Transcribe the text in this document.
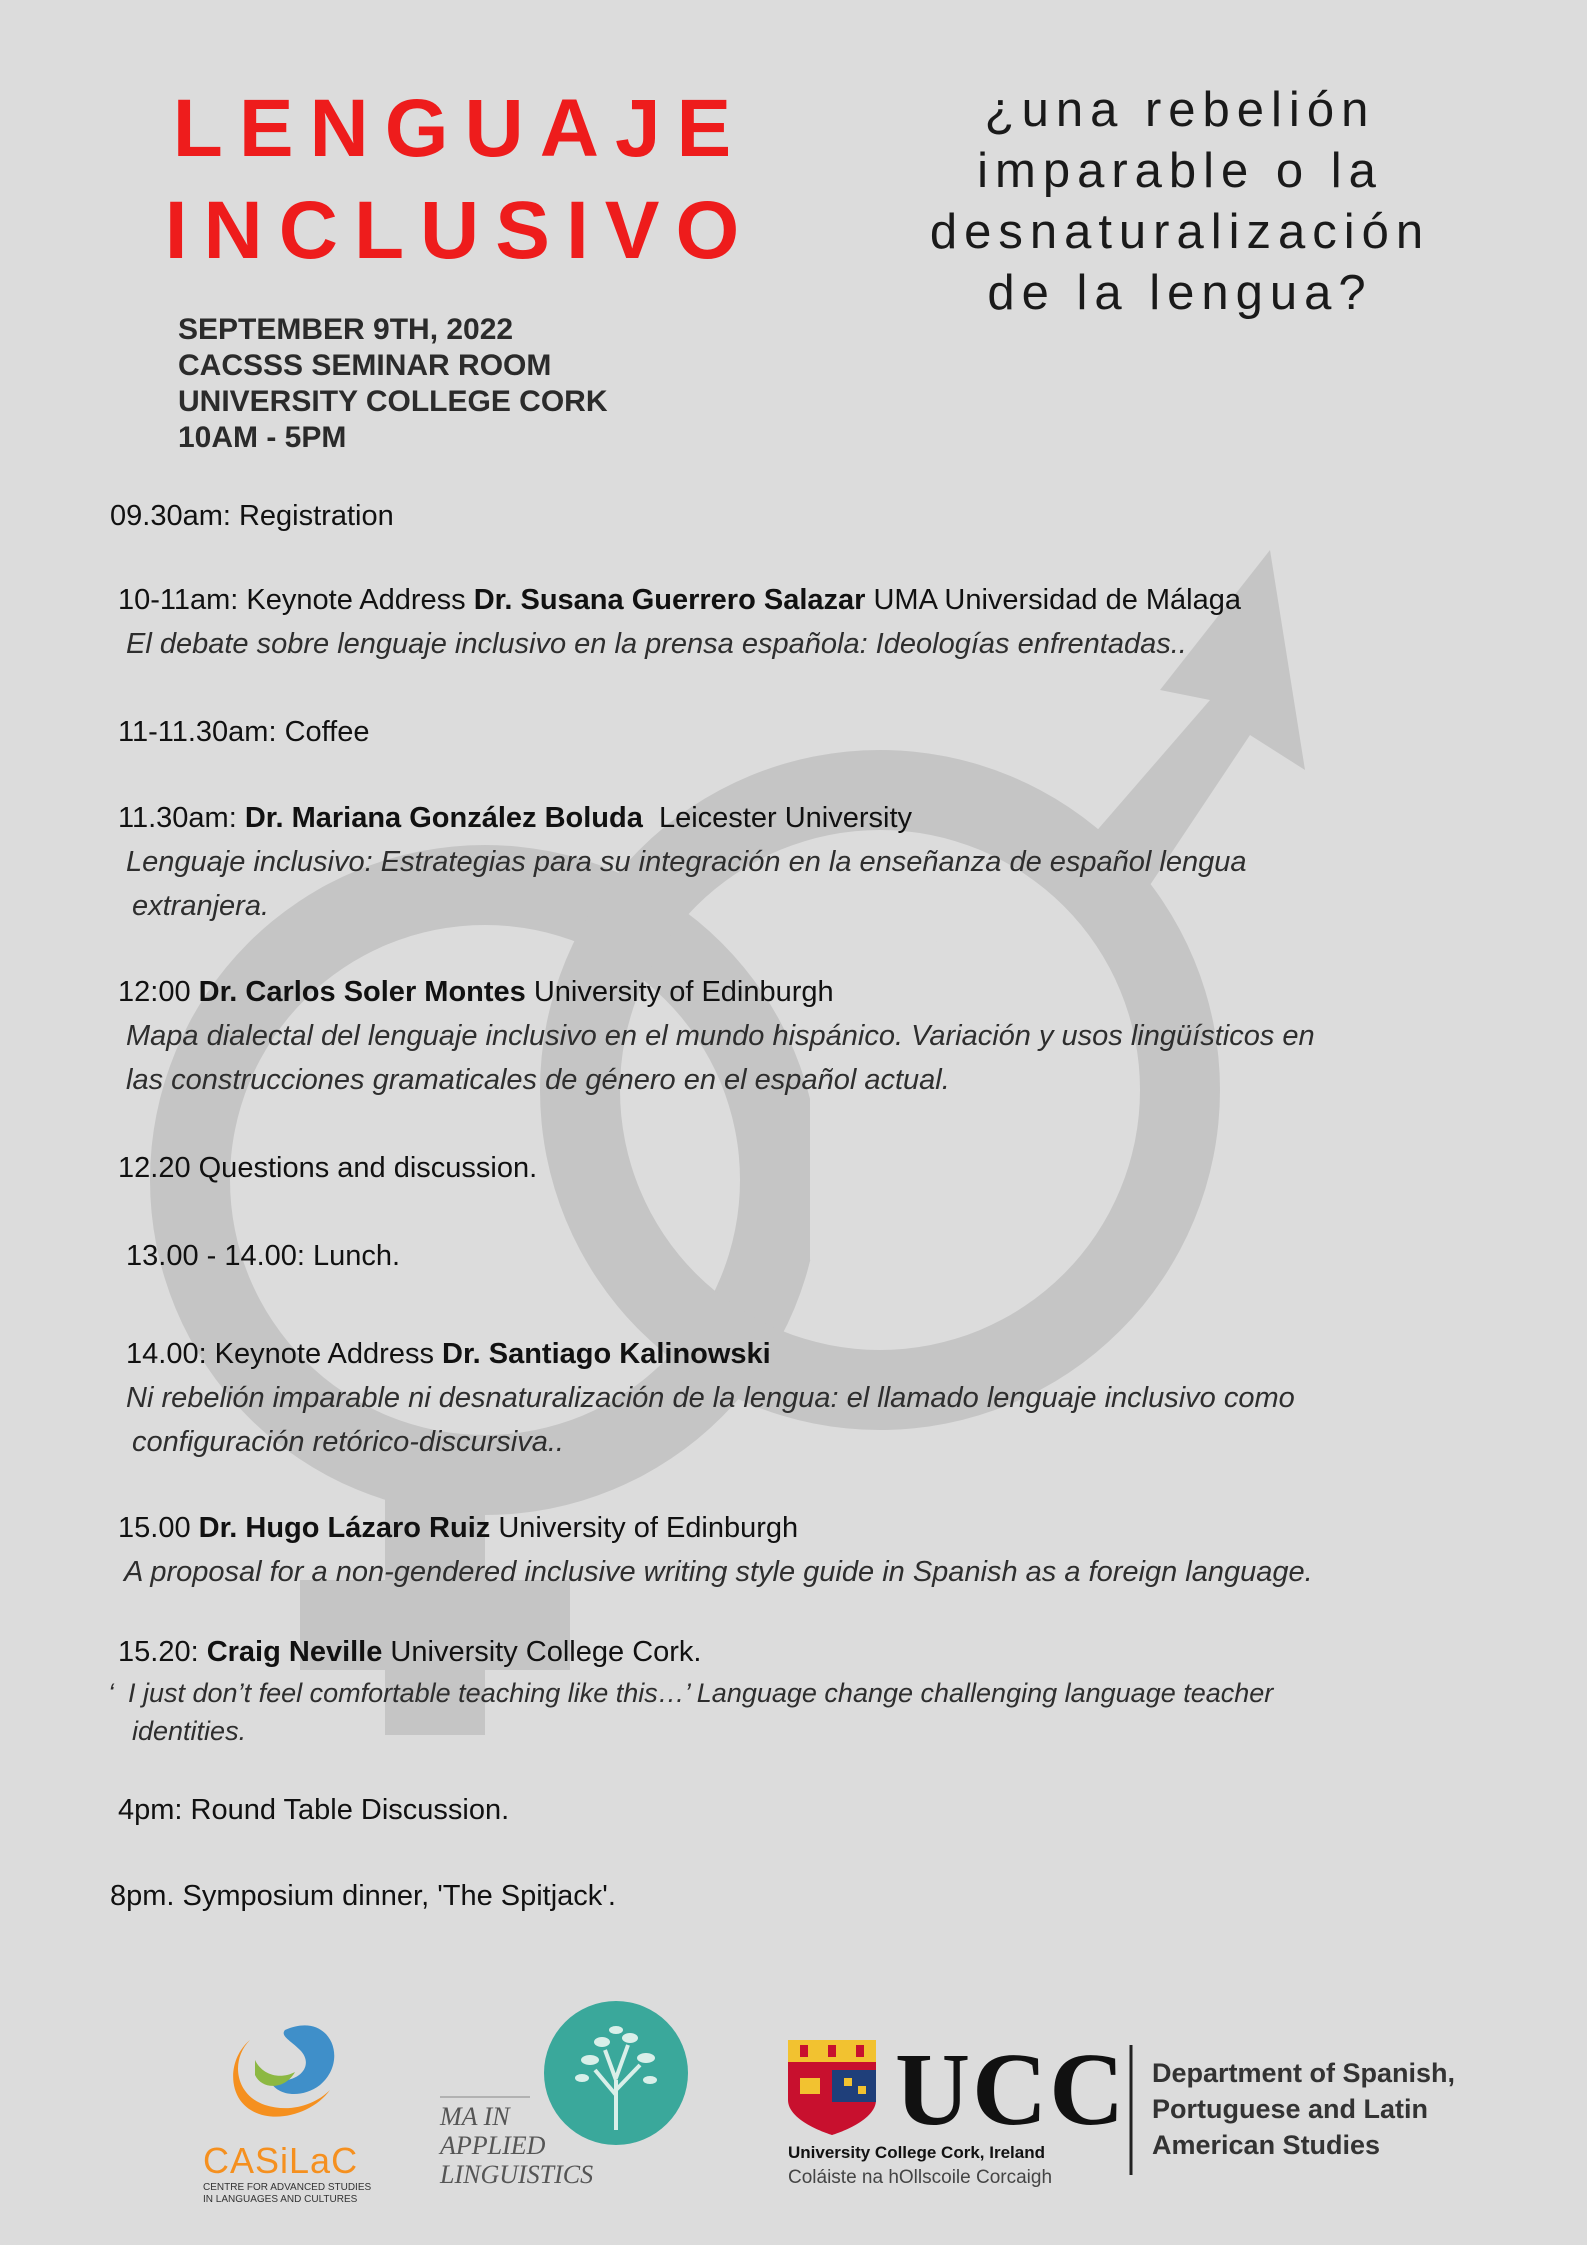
LENGUAJE
INCLUSIVO
¿una rebelión
imparable o la
desnaturalización
de la lengua?
SEPTEMBER 9TH, 2022
CACSSS SEMINAR ROOM
UNIVERSITY COLLEGE CORK
10AM - 5PM
09.30am: Registration
10-11am: Keynote Address Dr. Susana Guerrero Salazar UMA Universidad de Málaga
El debate sobre lenguaje inclusivo en la prensa española: Ideologías enfrentadas..
11-11.30am: Coffee
11.30am: Dr. Mariana González Boluda  Leicester University
Lenguaje inclusivo: Estrategias para su integración en la enseñanza de español lengua
extranjera.
12:00 Dr. Carlos Soler Montes University of Edinburgh
Mapa dialectal del lenguaje inclusivo en el mundo hispánico. Variación y usos lingüísticos en
las construcciones gramaticales de género en el español actual.
12.20 Questions and discussion.
13.00 - 14.00: Lunch.
14.00: Keynote Address Dr. Santiago Kalinowski
Ni rebelión imparable ni desnaturalización de la lengua: el llamado lenguaje inclusivo como
configuración retórico-discursiva..
15.00 Dr. Hugo Lázaro Ruiz University of Edinburgh
A proposal for a non-gendered inclusive writing style guide in Spanish as a foreign language.
15.20: Craig Neville University College Cork.
‘ I just don’t feel comfortable teaching like this…’ Language change challenging language teacher
identities.
4pm: Round Table Discussion.
8pm. Symposium dinner, 'The Spitjack'.
CASiLaC
CENTRE FOR ADVANCED STUDIES
IN LANGUAGES AND CULTURES
MA IN
APPLIED
LINGUISTICS
UCC
University College Cork, Ireland
Coláiste na hOllscoile Corcaigh
Department of Spanish,
Portuguese and Latin
American Studies
